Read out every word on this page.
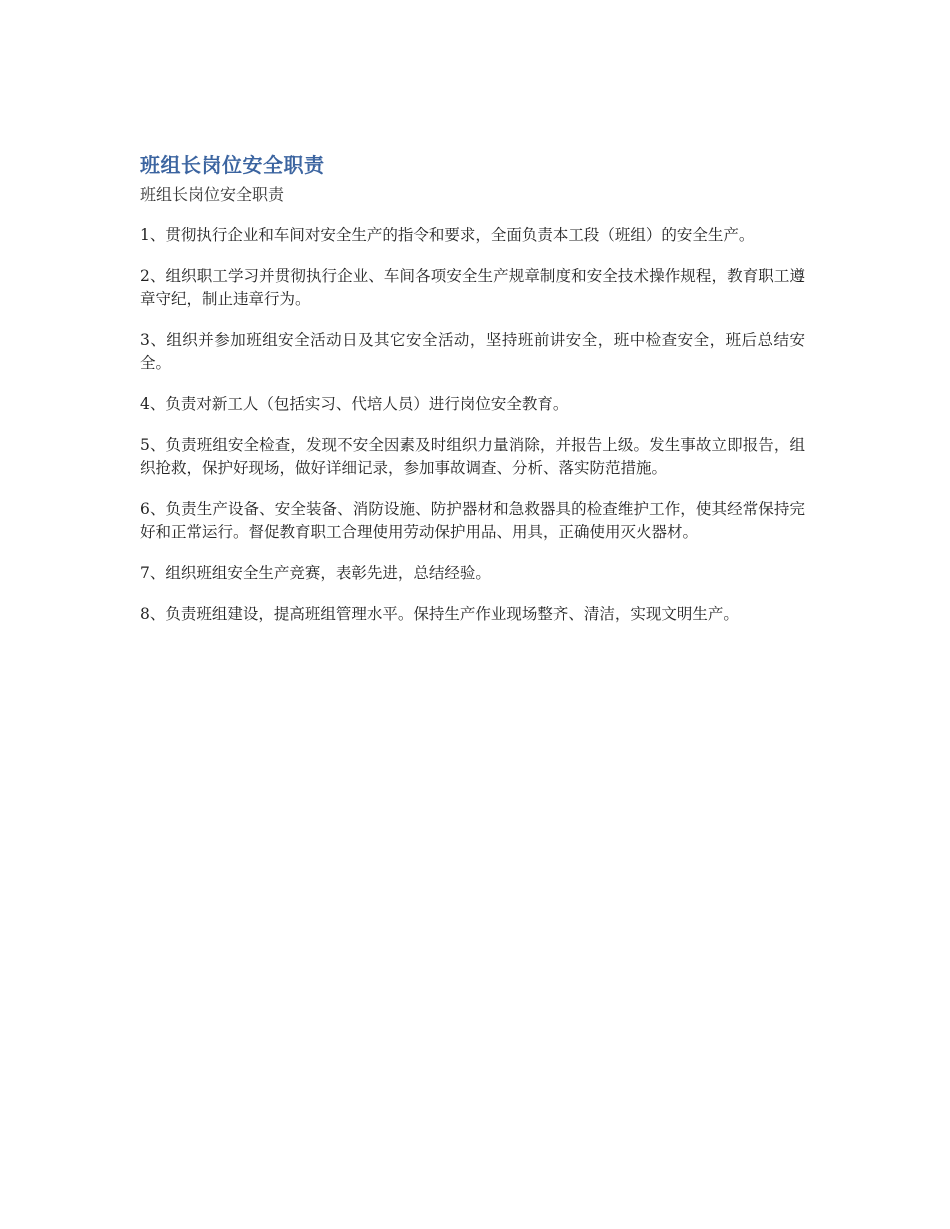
班组长岗位安全职责
班组长岗位安全职责

1、贯彻执行企业和车间对安全生产的指令和要求，全面负责本工段（班组）的安全生产。

2、组织职工学习并贯彻执行企业、车间各项安全生产规章制度和安全技术操作规程，教育职工遵章守纪，制止违章行为。

3、组织并参加班组安全活动日及其它安全活动，坚持班前讲安全，班中检查安全，班后总结安全。

4、负责对新工人（包括实习、代培人员）进行岗位安全教育。

5、负责班组安全检查，发现不安全因素及时组织力量消除，并报告上级。发生事故立即报告，组织抢救，保护好现场，做好详细记录，参加事故调查、分析、落实防范措施。

6、负责生产设备、安全装备、消防设施、防护器材和急救器具的检查维护工作，使其经常保持完好和正常运行。督促教育职工合理使用劳动保护用品、用具，正确使用灭火器材。

7、组织班组安全生产竞赛，表彰先进，总结经验。

8、负责班组建设，提高班组管理水平。保持生产作业现场整齐、清洁，实现文明生产。
